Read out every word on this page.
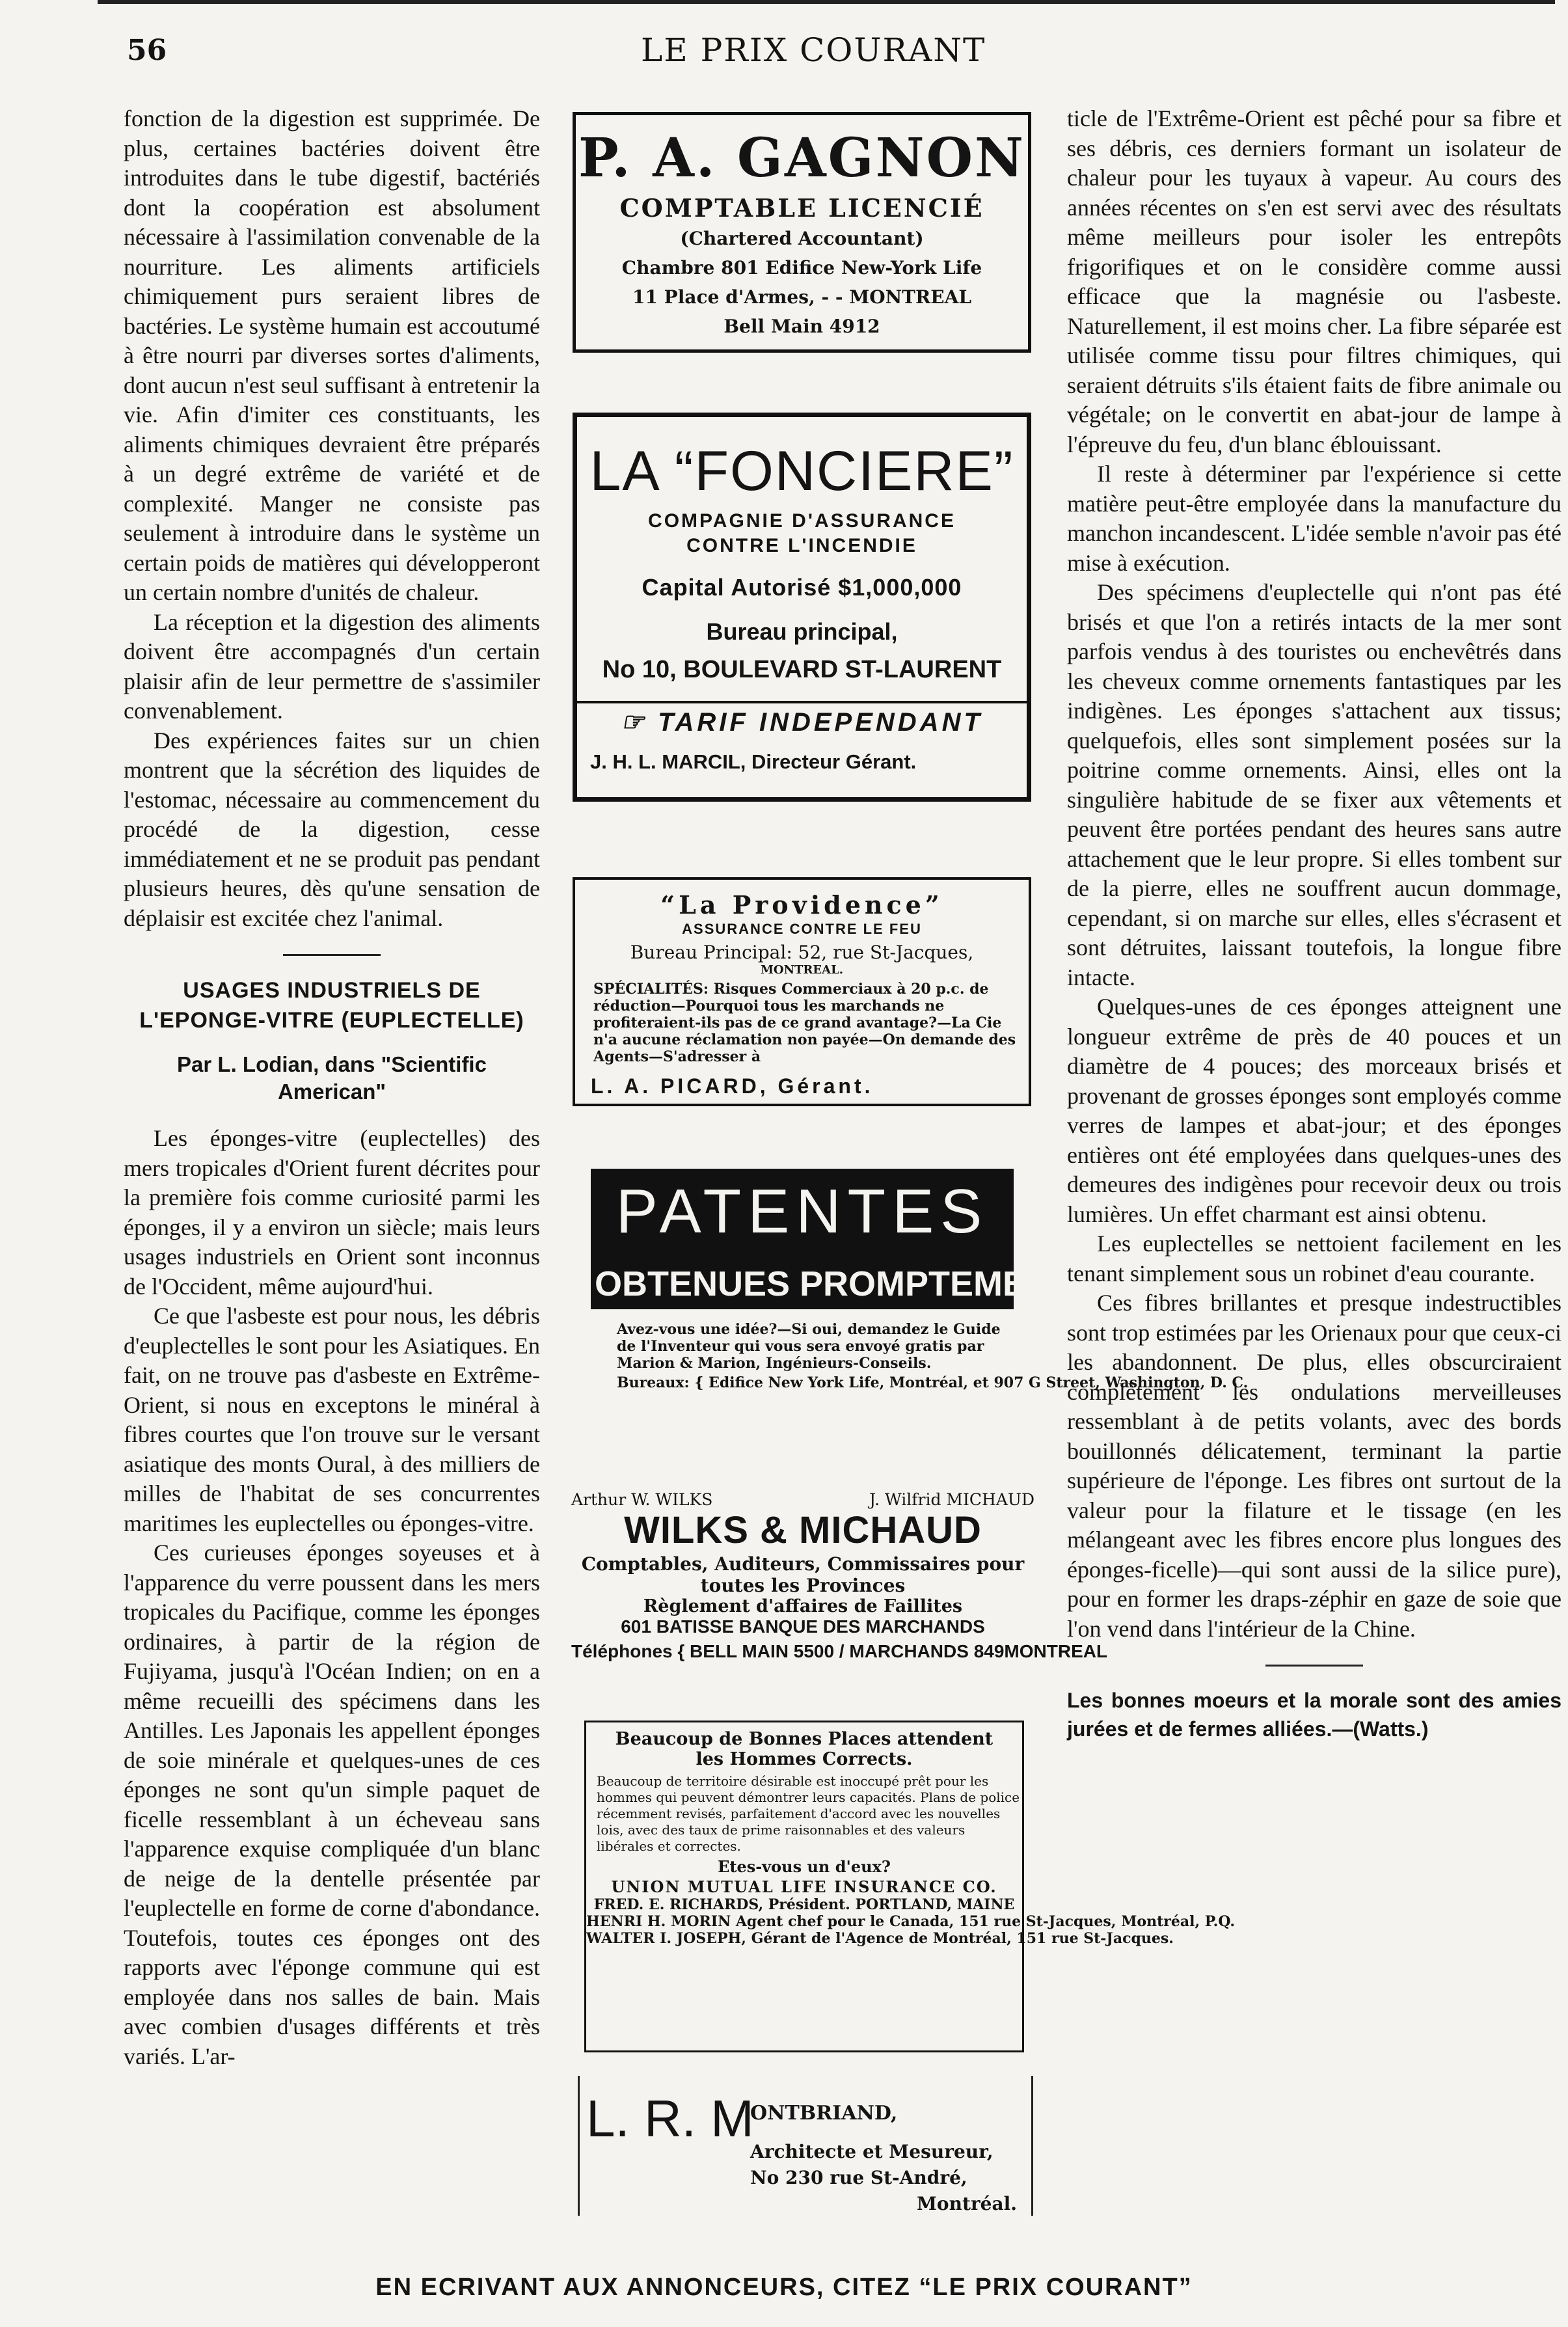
56	LE PRIX COURANT

fonction de la digestion est supprimée. De plus, certaines bactéries doivent être introduites dans le tube digestif, bactériés dont la coopération est absolument nécessaire à l'assimilation convenable de la nourriture. Les aliments artificiels chimiquement purs seraient libres de bactéries. Le système humain est accoutumé à être nourri par diverses sortes d'aliments, dont aucun n'est seul suffisant à entretenir la vie. Afin d'imiter ces constituants, les aliments chimiques devraient être préparés à un degré extrême de variété et de complexité. Manger ne consiste pas seulement à introduire dans le système un certain poids de matières qui développeront un certain nombre d'unités de chaleur.

La réception et la digestion des aliments doivent être accompagnés d'un certain plaisir afin de leur permettre de s'assimiler convenablement.

Des expériences faites sur un chien montrent que la sécrétion des liquides de l'estomac, nécessaire au commencement du procédé de la digestion, cesse immédiatement et ne se produit pas pendant plusieurs heures, dès qu'une sensation de déplaisir est excitée chez l'animal.

USAGES INDUSTRIELS DE L'EPONGE-VITRE (EUPLECTELLE)
Par L. Lodian, dans "Scientific American"

Les éponges-vitre (euplectelles) des mers tropicales d'Orient furent décrites pour la première fois comme curiosité parmi les éponges, il y a environ un siècle; mais leurs usages industriels en Orient sont inconnus de l'Occident, même aujourd'hui.

Ce que l'asbeste est pour nous, les débris d'euplectelles le sont pour les Asiatiques. En fait, on ne trouve pas d'asbeste en Extrême-Orient, si nous en exceptons le minéral à fibres courtes que l'on trouve sur le versant asiatique des monts Oural, à des milliers de milles de l'habitat de ses concurrentes maritimes les euplectelles ou éponges-vitre.

Ces curieuses éponges soyeuses et à l'apparence du verre poussent dans les mers tropicales du Pacifique, comme les éponges ordinaires, à partir de la région de Fujiyama, jusqu'à l'Océan Indien; on en a même recueilli des spécimens dans les Antilles. Les Japonais les appellent éponges de soie minérale et quelques-unes de ces éponges ne sont qu'un simple paquet de ficelle ressemblant à un écheveau sans l'apparence exquise compliquée d'un blanc de neige de la dentelle présentée par l'euplectelle en forme de corne d'abondance. Toutefois, toutes ces éponges ont des rapports avec l'éponge commune qui est employée dans nos salles de bain. Mais avec combien d'usages différents et très variés. L'ar-

P. A. GAGNON
COMPTABLE LICENCIÉ
(Chartered Accountant)
Chambre 801 Edifice New-York Life
11 Place d'Armes, - - MONTREAL
Bell Main 4912
LA “FONCIERE”
COMPAGNIE D'ASSURANCE
CONTRE L'INCENDIE
Capital Autorisé $1,000,000
Bureau principal,
No 10, BOULEVARD ST-LAURENT
☞ TARIF INDEPENDANT
J. H. L. MARCIL, Directeur Gérant.
“La Providence”
ASSURANCE CONTRE LE FEU
Bureau Principal: 52, rue St-Jacques,
MONTREAL.
SPÉCIALITÉS: Risques Commerciaux à 20 p.c. de réduction—Pourquoi tous les marchands ne profiteraient-ils pas de ce grand avantage?—La Cie n'a aucune réclamation non payée—On demande des Agents—S'adresser à
L. A. PICARD, Gérant.
PATENTES
OBTENUES PROMPTEMENT
Avez-vous une idée?—Si oui, demandez le Guide de l'Inventeur qui vous sera envoyé gratis par Marion & Marion, Ingénieurs-Conseils.
Bureaux: { Edifice New York Life, Montréal, et 907 G Street, Washington, D. C.
Arthur W. WILKS	J. Wilfrid MICHAUD
WILKS & MICHAUD
Comptables, Auditeurs, Commissaires pour
toutes les Provinces
Règlement d'affaires de Faillites
601 BATISSE BANQUE DES MARCHANDS
Téléphones { BELL MAIN 5500 / MARCHANDS 849 MONTREAL
Beaucoup de Bonnes Places attendent
les Hommes Corrects.
Beaucoup de territoire désirable est inoccupé prêt pour les hommes qui peuvent démontrer leurs capacités. Plans de police récemment revisés, parfaitement d'accord avec les nouvelles lois, avec des taux de prime raisonnables et des valeurs libérales et correctes.
Etes-vous un d'eux?
UNION MUTUAL LIFE INSURANCE CO.
FRED. E. RICHARDS, Président. PORTLAND, MAINE
HENRI H. MORIN Agent chef pour le Canada, 151 rue St-Jacques, Montréal, P.Q.
WALTER I. JOSEPH, Gérant de l'Agence de Montréal, 151 rue St-Jacques.
L. R. M
ONTBRIAND,
Architecte et Mesureur,
No 230 rue St-André,
Montréal.

ticle de l'Extrême-Orient est pêché pour sa fibre et ses débris, ces derniers formant un isolateur de chaleur pour les tuyaux à vapeur. Au cours des années récentes on s'en est servi avec des résultats même meilleurs pour isoler les entrepôts frigorifiques et on le considère comme aussi efficace que la magnésie ou l'asbeste. Naturellement, il est moins cher. La fibre séparée est utilisée comme tissu pour filtres chimiques, qui seraient détruits s'ils étaient faits de fibre animale ou végétale; on le convertit en abat-jour de lampe à l'épreuve du feu, d'un blanc éblouissant.

Il reste à déterminer par l'expérience si cette matière peut-être employée dans la manufacture du manchon incandescent. L'idée semble n'avoir pas été mise à exécution.

Des spécimens d'euplectelle qui n'ont pas été brisés et que l'on a retirés intacts de la mer sont parfois vendus à des touristes ou enchevêtrés dans les cheveux comme ornements fantastiques par les indigènes. Les éponges s'attachent aux tissus; quelquefois, elles sont simplement posées sur la poitrine comme ornements. Ainsi, elles ont la singulière habitude de se fixer aux vêtements et peuvent être portées pendant des heures sans autre attachement que le leur propre. Si elles tombent sur de la pierre, elles ne souffrent aucun dommage, cependant, si on marche sur elles, elles s'écrasent et sont détruites, laissant toutefois, la longue fibre intacte.

Quelques-unes de ces éponges atteignent une longueur extrême de près de 40 pouces et un diamètre de 4 pouces; des morceaux brisés et provenant de grosses éponges sont employés comme verres de lampes et abat-jour; et des éponges entières ont été employées dans quelques-unes des demeures des indigènes pour recevoir deux ou trois lumières. Un effet charmant est ainsi obtenu.

Les euplectelles se nettoient facilement en les tenant simplement sous un robinet d'eau courante.

Ces fibres brillantes et presque indestructibles sont trop estimées par les Orienaux pour que ceux-ci les abandonnent. De plus, elles obscurciraient complètement les ondulations merveilleuses ressemblant à de petits volants, avec des bords bouillonnés délicatement, terminant la partie supérieure de l'éponge. Les fibres ont surtout de la valeur pour la filature et le tissage (en les mélangeant avec les fibres encore plus longues des éponges-ficelle)—qui sont aussi de la silice pure), pour en former les draps-zéphir en gaze de soie que l'on vend dans l'intérieur de la Chine.

Les bonnes moeurs et la morale sont des amies jurées et de fermes alliées.—(Watts.)
EN ECRIVANT AUX ANNONCEURS, CITEZ “LE PRIX COURANT”
